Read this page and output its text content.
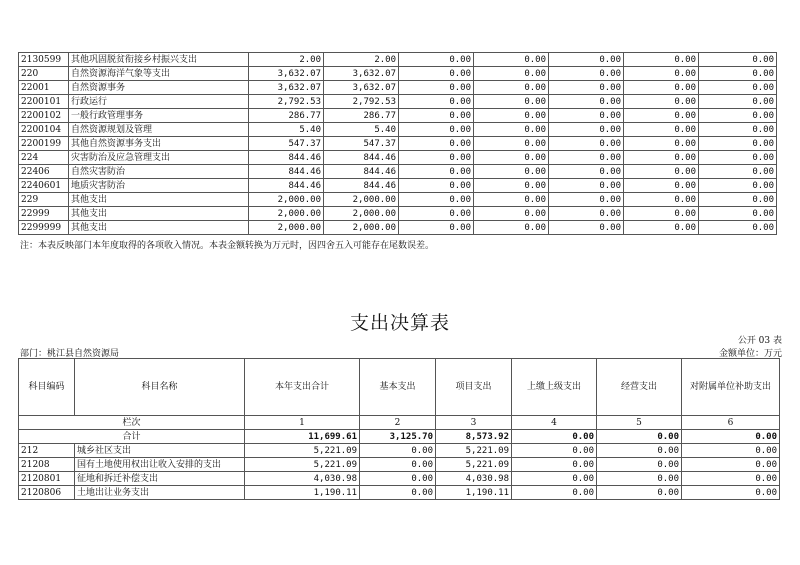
2130599	其他巩固脱贫衔接乡村振兴支出	2.00	2.00	0.00	0.00	0.00	0.00	0.00
220	自然资源海洋气象等支出	3,632.07	3,632.07	0.00	0.00	0.00	0.00	0.00
22001	自然资源事务	3,632.07	3,632.07	0.00	0.00	0.00	0.00	0.00
2200101	行政运行	2,792.53	2,792.53	0.00	0.00	0.00	0.00	0.00
2200102	一般行政管理事务	286.77	286.77	0.00	0.00	0.00	0.00	0.00
2200104	自然资源规划及管理	5.40	5.40	0.00	0.00	0.00	0.00	0.00
2200199	其他自然资源事务支出	547.37	547.37	0.00	0.00	0.00	0.00	0.00
224	灾害防治及应急管理支出	844.46	844.46	0.00	0.00	0.00	0.00	0.00
22406	自然灾害防治	844.46	844.46	0.00	0.00	0.00	0.00	0.00
2240601	地质灾害防治	844.46	844.46	0.00	0.00	0.00	0.00	0.00
229	其他支出	2,000.00	2,000.00	0.00	0.00	0.00	0.00	0.00
22999	其他支出	2,000.00	2,000.00	0.00	0.00	0.00	0.00	0.00
2299999	其他支出	2,000.00	2,000.00	0.00	0.00	0.00	0.00	0.00
注：本表反映部门本年度取得的各项收入情况。本表金额转换为万元时，因四舍五入可能存在尾数误差。
支出决算表
公开 03 表
部门：桃江县自然资源局	金额单位：万元
科目编码	科目名称	本年支出合计	基本支出	项目支出	上缴上级支出	经营支出	对附属单位补助支出
栏次		1	2	3	4	5	6
合计		11,699.61	3,125.70	8,573.92	0.00	0.00	0.00
212	城乡社区支出	5,221.09	0.00	5,221.09	0.00	0.00	0.00
21208	国有土地使用权出让收入安排的支出	5,221.09	0.00	5,221.09	0.00	0.00	0.00
2120801	征地和拆迁补偿支出	4,030.98	0.00	4,030.98	0.00	0.00	0.00
2120806	土地出让业务支出	1,190.11	0.00	1,190.11	0.00	0.00	0.00
